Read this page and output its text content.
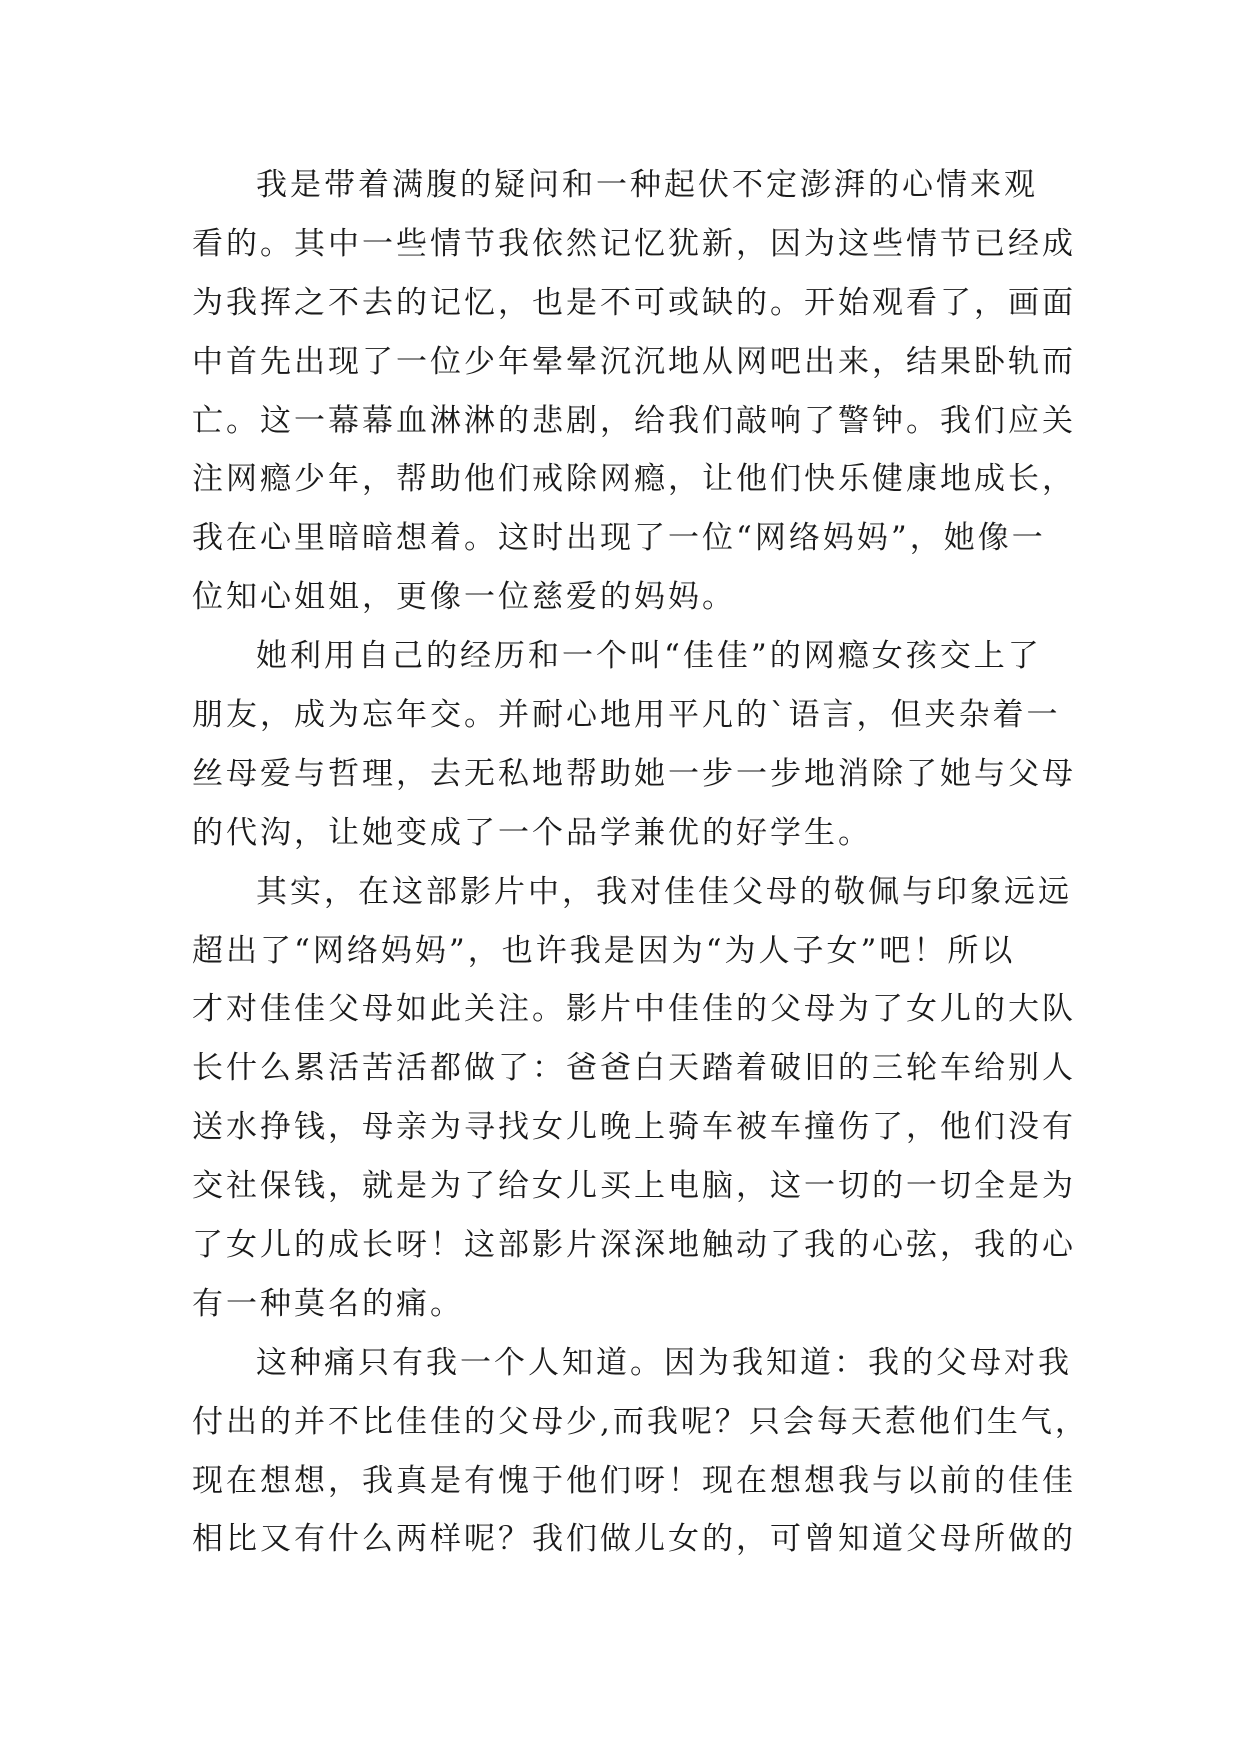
我是带着满腹的疑问和一种起伏不定澎湃的心情来观
看的。其中一些情节我依然记忆犹新，因为这些情节已经成
为我挥之不去的记忆，也是不可或缺的。开始观看了，画面
中首先出现了一位少年晕晕沉沉地从网吧出来，结果卧轨而
亡。这一幕幕血淋淋的悲剧，给我们敲响了警钟。我们应关
注网瘾少年，帮助他们戒除网瘾，让他们快乐健康地成长，
我在心里暗暗想着。这时出现了一位“网络妈妈”，她像一
位知心姐姐，更像一位慈爱的妈妈。
她利用自己的经历和一个叫“佳佳”的网瘾女孩交上了
朋友，成为忘年交。并耐心地用平凡的`语言，但夹杂着一
丝母爱与哲理，去无私地帮助她一步一步地消除了她与父母
的代沟，让她变成了一个品学兼优的好学生。
其实，在这部影片中，我对佳佳父母的敬佩与印象远远
超出了“网络妈妈”，也许我是因为“为人子女”吧！所以
才对佳佳父母如此关注。影片中佳佳的父母为了女儿的大队
长什么累活苦活都做了：爸爸白天踏着破旧的三轮车给别人
送水挣钱，母亲为寻找女儿晚上骑车被车撞伤了，他们没有
交社保钱，就是为了给女儿买上电脑，这一切的一切全是为
了女儿的成长呀！这部影片深深地触动了我的心弦，我的心
有一种莫名的痛。
这种痛只有我一个人知道。因为我知道：我的父母对我
付出的并不比佳佳的父母少,而我呢？只会每天惹他们生气，
现在想想，我真是有愧于他们呀！现在想想我与以前的佳佳
相比又有什么两样呢？我们做儿女的，可曾知道父母所做的
